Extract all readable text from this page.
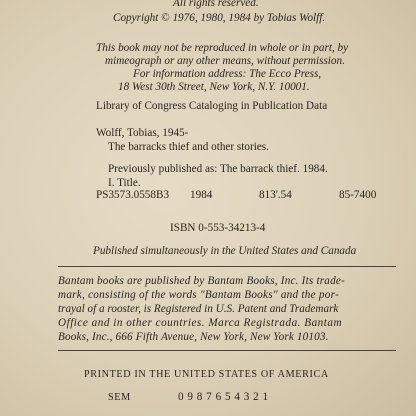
All rights reserved.
Copyright © 1976, 1980, 1984 by Tobias Wolff.
This book may not be reproduced in whole or in part, by
mimeograph or any other means, without permission.
For information address: The Ecco Press,
18 West 30th Street, New York, N.Y. 10001.
Library of Congress Cataloging in Publication Data
Wolff, Tobias, 1945-
The barracks thief and other stories.
Previously published as: The barrack thief. 1984.
I. Title.
PS3573.0558B3 1984	813'.54	85-7400
ISBN 0-553-34213-4
Published simultaneously in the United States and Canada
Bantam books are published by Bantam Books, Inc. Its trade-
mark, consisting of the words "Bantam Books" and the por-
trayal of a rooster, is Registered in U.S. Patent and Trademark
Office and in other countries. Marca Registrada. Bantam
Books, Inc., 666 Fifth Avenue, New York, New York 10103.
PRINTED IN THE UNITED STATES OF AMERICA
SEM	0 9 8 7 6 5 4 3 2 1
